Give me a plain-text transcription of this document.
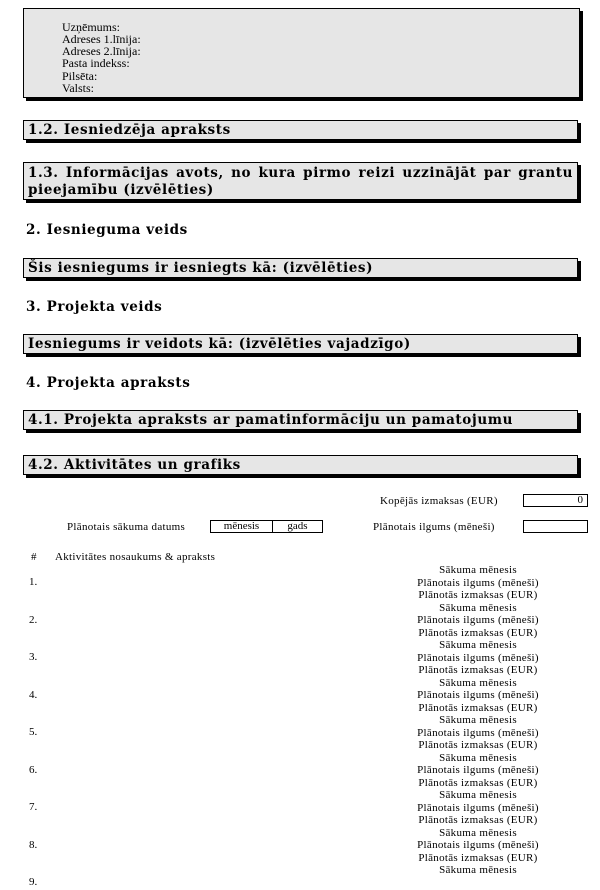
Uzņēmums:
Adreses 1.līnija:
Adreses 2.līnija:
Pasta indekss:
Pilsēta:
Valsts:
1.2. Iesniedzēja apraksts
1.3. Informācijas avots, no kura pirmo reizi uzzinājāt par grantu pieejamību (izvēlēties)
2. Iesnieguma veids
Šis iesniegums ir iesniegts kā: (izvēlēties)
3. Projekta veids
Iesniegums ir veidots kā: (izvēlēties vajadzīgo)
4. Projekta apraksts
4.1. Projekta apraksts ar pamatinformāciju un pamatojumu
4.2. Aktivitātes un grafiks
Kopējās izmaksas (EUR)	0
Plānotais sākuma datums	mēnesis	gads	Plānotais ilgums (mēneši)
# Aktivitātes nosaukums & apraksts
1.
Sākuma mēnesis
Plānotais ilgums (mēneši)
Plānotās izmaksas (EUR)
2.
Sākuma mēnesis
Plānotais ilgums (mēneši)
Plānotās izmaksas (EUR)
3.
Sākuma mēnesis
Plānotais ilgums (mēneši)
Plānotās izmaksas (EUR)
4.
Sākuma mēnesis
Plānotais ilgums (mēneši)
Plānotās izmaksas (EUR)
5.
Sākuma mēnesis
Plānotais ilgums (mēneši)
Plānotās izmaksas (EUR)
6.
Sākuma mēnesis
Plānotais ilgums (mēneši)
Plānotās izmaksas (EUR)
7.
Sākuma mēnesis
Plānotais ilgums (mēneši)
Plānotās izmaksas (EUR)
8.
Sākuma mēnesis
Plānotais ilgums (mēneši)
Plānotās izmaksas (EUR)
9.
Sākuma mēnesis
